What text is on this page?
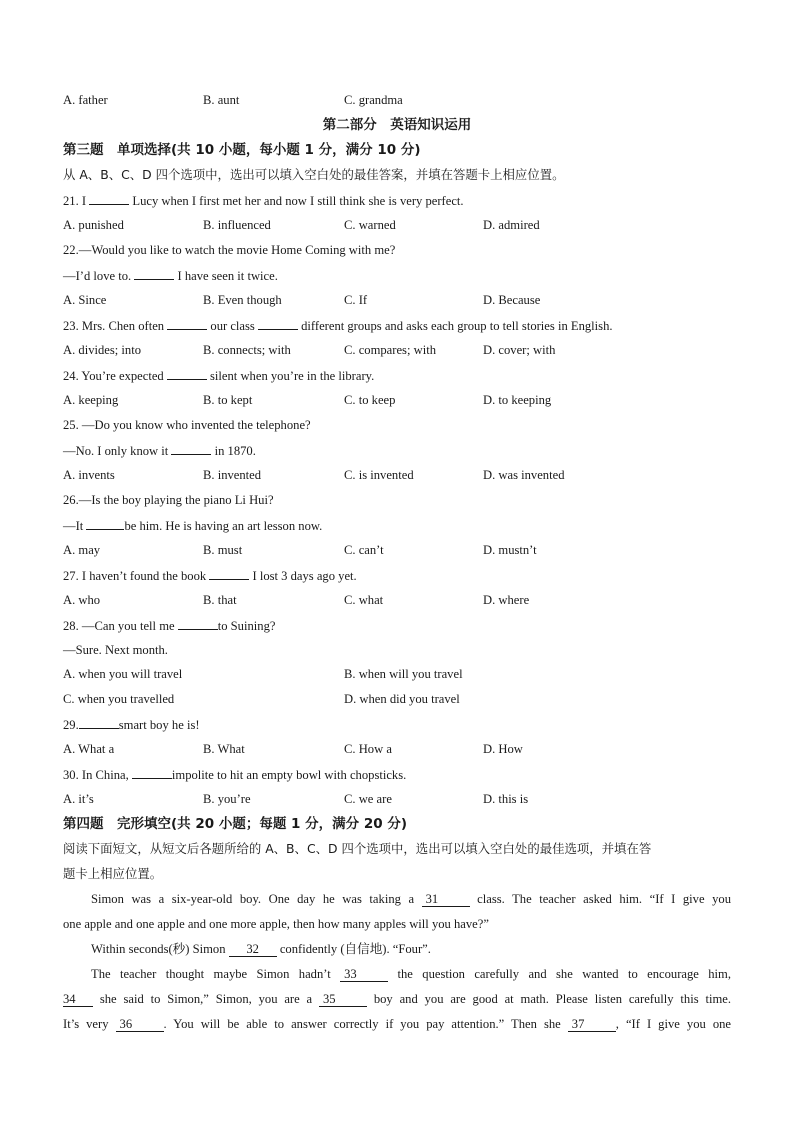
A. father	B. aunt	C. grandma
第二部分　英语知识运用
第三题　单项选择(共 10 小题，每小题 1 分，满分 10 分)
从 A、B、C、D 四个选项中，选出可以填入空白处的最佳答案，并填在答题卡上相应位置。
21. I	Lucy when I first met her and now I still think she is very perfect.
A. punished	B. influenced	C. warned	D. admired
22.—Would you like to watch the movie Home Coming with me?
—I’d love to.	I have seen it twice.
A. Since	B. Even though	C. If	D. Because
23. Mrs. Chen often	our class	different groups and asks each group to tell stories in English.
A. divides; into	B. connects; with	C. compares; with	D. cover; with
24. You’re expected	silent when you’re in the library.
A. keeping	B. to kept	C. to keep	D. to keeping
25. —Do you know who invented the telephone?
—No. I only know it	in 1870.
A. invents	B. invented	C. is invented	D. was invented
26.—Is the boy playing the piano Li Hui?
—It	be him. He is having an art lesson now.
A. may	B. must	C. can’t	D. mustn’t
27. I haven’t found the book	I lost 3 days ago yet.
A. who	B. that	C. what	D. where
28. —Can you tell me	to Suining?
—Sure. Next month.
A. when you will travel	B. when will you travel
C. when you travelled	D. when did you travel
29.	smart boy he is!
A. What a	B. What	C. How a	D. How
30. In China,	impolite to hit an empty bowl with chopsticks.
A. it’s	B. you’re	C. we are	D. this is
第四题　完形填空(共 20 小题；每题 1 分，满分 20 分)
阅读下面短文，从短文后各题所给的 A、B、C、D 四个选项中，选出可以填入空白处的最佳选项，并填在答
题卡上相应位置。
Simon was a six-year-old boy. One day he was taking a 31 class. The teacher asked him. “If I give you
one apple and one apple and one more apple, then how many apples will you have?”
Within seconds(秒) Simon 32 confidently (自信地). “Four”.
The teacher thought maybe Simon hadn’t 33 the question carefully and she wanted to encourage him,
34 she said to Simon,” Simon, you are a 35 boy and you are good at math. Please listen carefully this time.
It’s very 36 . You will be able to answer correctly if you pay attention.” Then she 37 , “If I give you one
